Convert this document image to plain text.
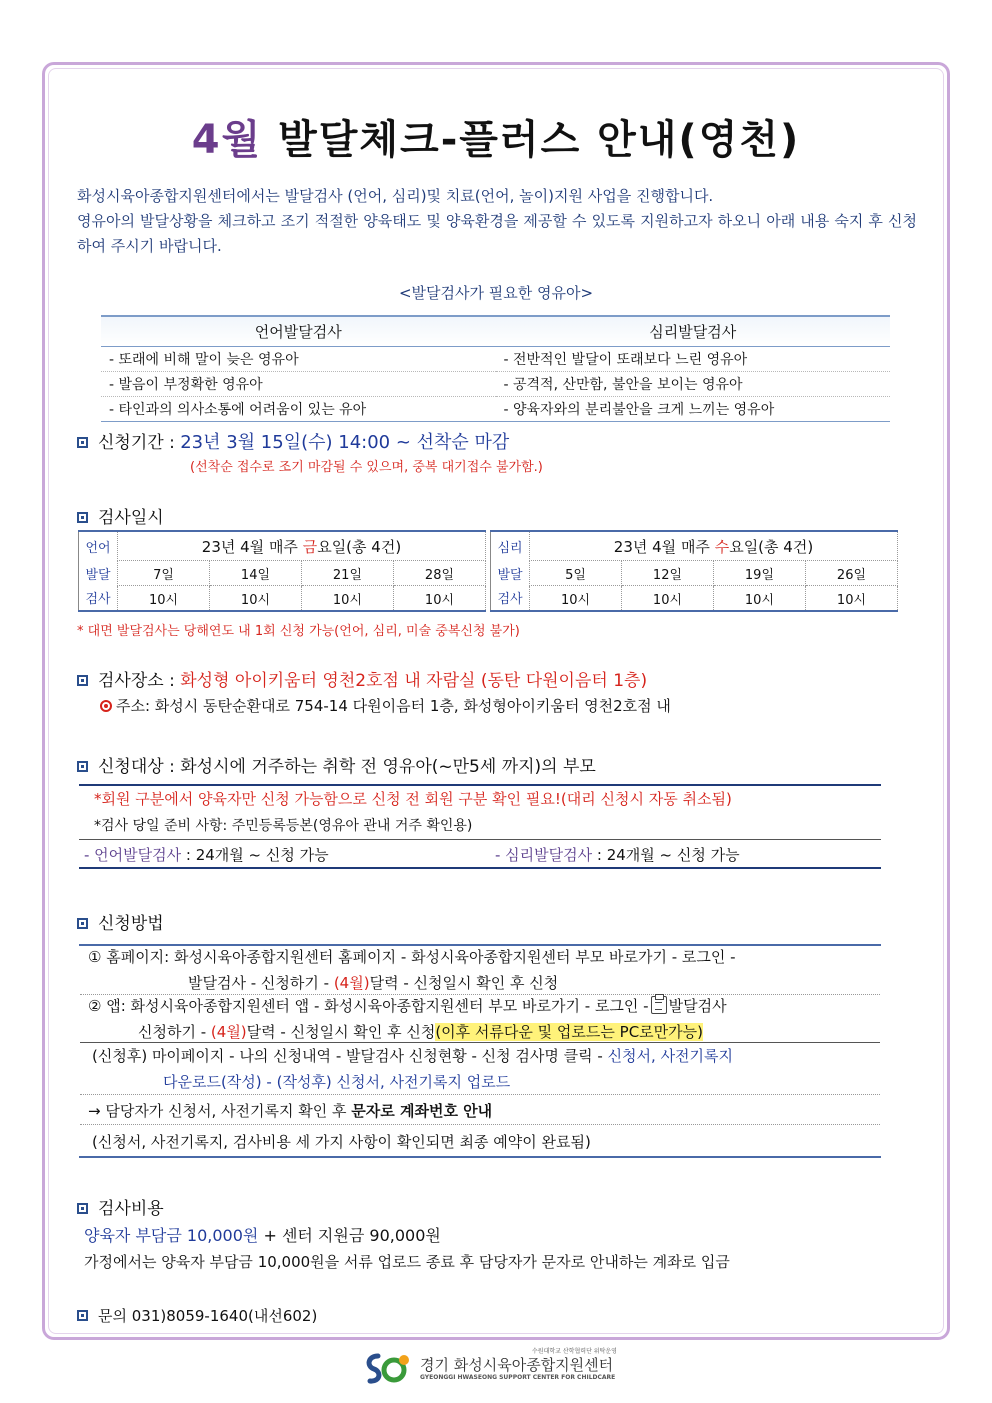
4월 발달체크-플러스 안내(영천)
화성시육아종합지원센터에서는 발달검사 (언어, 심리)및 치료(언어, 놀이)지원 사업을 진행합니다.
영유아의 발달상황을 체크하고 조기 적절한 양육태도 및 양육환경을 제공할 수 있도록 지원하고자 하오니 아래 내용 숙지 후 신청하여 주시기 바랍니다.
<발달검사가 필요한 영유아>
언어발달검사	심리발달검사
- 또래에 비해 말이 늦은 영유아	- 전반적인 발달이 또래보다 느린 영유아
- 발음이 부정확한 영유아	- 공격적, 산만함, 불안을 보이는 영유아
- 타인과의 의사소통에 어려움이 있는 유아	- 양육자와의 분리불안을 크게 느끼는 영유아
신청기간 : 23년 3월 15일(수) 14:00 ~ 선착순 마감
(선착순 접수로 조기 마감될 수 있으며, 중복 대기접수 불가함.)
검사일시
언어	23년 4월 매주 금요일(총 4건)			
발달	7일	14일	21일	28일
검사	10시	10시	10시	10시
심리	23년 4월 매주 수요일(총 4건)			
발달	5일	12일	19일	26일
검사	10시	10시	10시	10시
* 대면 발달검사는 당해연도 내 1회 신청 가능(언어, 심리, 미술 중복신청 불가)
검사장소 : 화성형 아이키움터 영천2호점 내 자람실 (동탄 다원이음터 1층)
주소: 화성시 동탄순환대로 754-14 다원이음터 1층, 화성형아이키움터 영천2호점 내
신청대상 : 화성시에 거주하는 취학 전 영유아(~만5세 까지)의 부모
*회원 구분에서 양육자만 신청 가능함으로 신청 전 회원 구분 확인 필요!(대리 신청시 자동 취소됨)
*검사 당일 준비 사항: 주민등록등본(영유아 관내 거주 확인용)
- 언어발달검사 : 24개월 ~ 신청 가능	- 심리발달검사 : 24개월 ~ 신청 가능
신청방법
① 홈페이지: 화성시육아종합지원센터 홈페이지 - 화성시육아종합지원센터 부모 바로가기 - 로그인 -
발달검사 - 신청하기 - (4월)달력 - 신청일시 확인 후 신청
② 앱: 화성시육아종합지원센터 앱 - 화성시육아종합지원센터 부모 바로가기 - 로그인 - 발달검사
신청하기 - (4월)달력 - 신청일시 확인 후 신청(이후 서류다운 및 업로드는 PC로만가능)
(신청후) 마이페이지 - 나의 신청내역 - 발달검사 신청현황 - 신청 검사명 클릭 - 신청서, 사전기록지
다운로드(작성) - (작성후) 신청서, 사전기록지 업로드
→ 담당자가 신청서, 사전기록지 확인 후 문자로 계좌번호 안내
(신청서, 사전기록지, 검사비용 세 가지 사항이 확인되면 최종 예약이 완료됨)
검사비용
양육자 부담금 10,000원 + 센터 지원금 90,000원
가정에서는 양육자 부담금 10,000원을 서류 업로드 종료 후 담당자가 문자로 안내하는 계좌로 입금
문의 031)8059-1640(내선602)
수원대학교 산학협력단 위탁운영
경기 화성시육아종합지원센터
GYEONGGI HWASEONG SUPPORT CENTER FOR CHILDCARE
